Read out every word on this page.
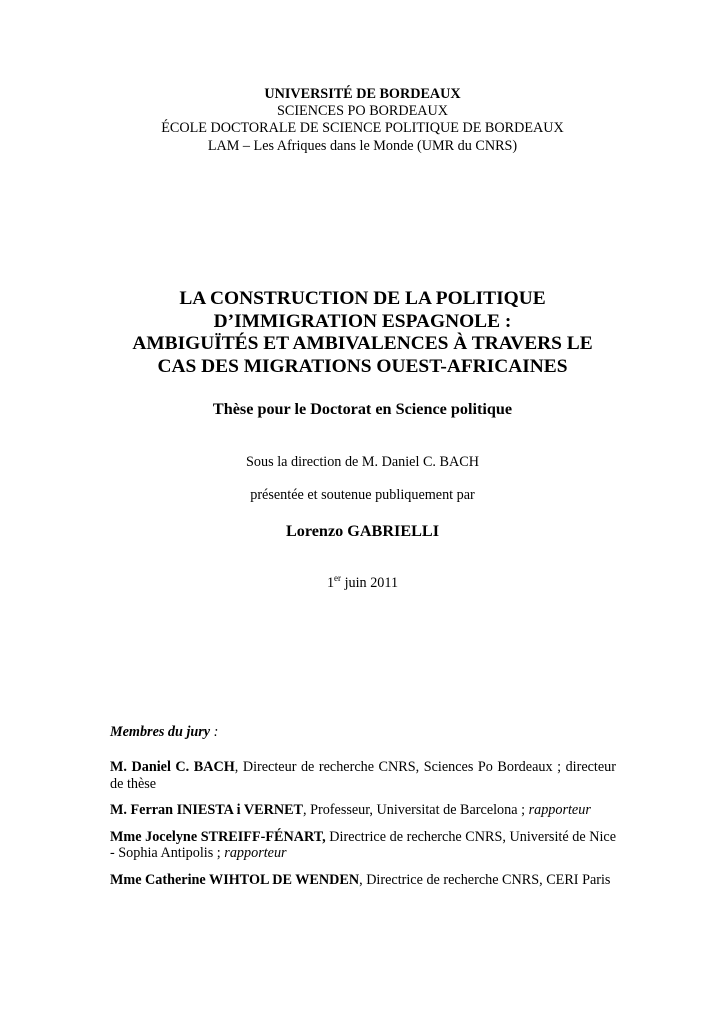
UNIVERSITÉ DE BORDEAUX
SCIENCES PO BORDEAUX
ÉCOLE DOCTORALE DE SCIENCE POLITIQUE DE BORDEAUX
LAM – Les Afriques dans le Monde (UMR du CNRS)
LA CONSTRUCTION DE LA POLITIQUE
D’IMMIGRATION ESPAGNOLE :
AMBIGUÏTÉS ET AMBIVALENCES À TRAVERS LE
CAS DES MIGRATIONS OUEST-AFRICAINES
Thèse pour le Doctorat en Science politique
Sous la direction de M. Daniel C. BACH
présentée et soutenue publiquement par
Lorenzo GABRIELLI
1er juin 2011
Membres du jury :
M. Daniel C. BACH, Directeur de recherche CNRS, Sciences Po Bordeaux ; directeur de thèse
M. Ferran INIESTA i VERNET, Professeur, Universitat de Barcelona ; rapporteur
Mme Jocelyne STREIFF-FÉNART, Directrice de recherche CNRS, Université de Nice - Sophia Antipolis ; rapporteur
Mme Catherine WIHTOL DE WENDEN, Directrice de recherche CNRS, CERI Paris
